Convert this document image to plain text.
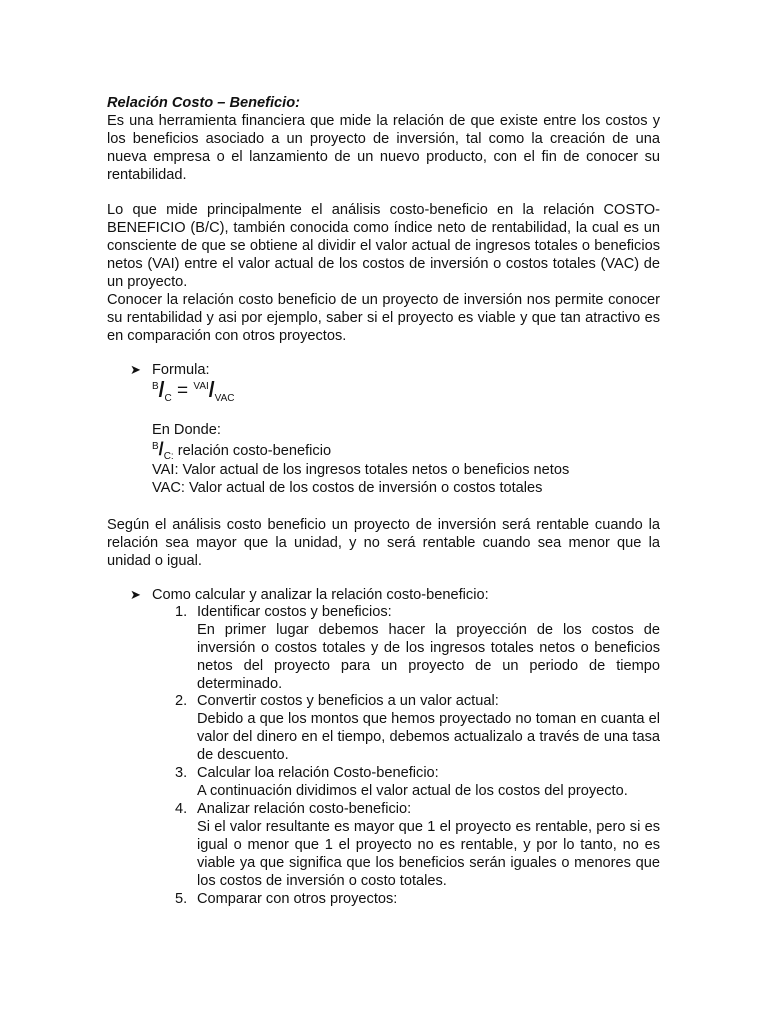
Relación Costo – Beneficio:

Es una herramienta financiera que mide la relación de que existe entre los costos y los beneficios asociado a un proyecto de inversión, tal como la creación de una nueva empresa o el lanzamiento de un nuevo producto, con el fin de conocer su rentabilidad.

Lo que mide principalmente el análisis costo-beneficio en la relación COSTO-BENEFICIO (B/C), también conocida como índice neto de rentabilidad, la cual es un consciente de que se obtiene al dividir el valor actual de ingresos totales o beneficios netos (VAI) entre el valor actual de los costos de inversión o costos totales (VAC) de un proyecto.

Conocer la relación costo beneficio de un proyecto de inversión nos permite conocer su rentabilidad y asi por ejemplo, saber si el proyecto es viable y que tan atractivo es en comparación con otros proyectos.

➤ Formula:
$^B/_C = ^{VAI}/_{VAC}$

En Donde:

$^B/_{C:}$ relación costo-beneficio

VAI: Valor actual de los ingresos totales netos o beneficios netos

VAC: Valor actual de los costos de inversión o costos totales

Según el análisis costo beneficio un proyecto de inversión será rentable cuando la relación sea mayor que la unidad, y no será rentable cuando sea menor que la unidad o igual.

➤ Como calcular y analizar la relación costo-beneficio:
1. Identificar costos y beneficios:

En primer lugar debemos hacer la proyección de los costos de inversión o costos totales y de los ingresos totales netos o beneficios netos del proyecto para un proyecto de un periodo de tiempo determinado.

2. Convertir costos y beneficios a un valor actual:

Debido a que los montos que hemos proyectado no toman en cuanta el valor del dinero en el tiempo, debemos actualizalo a través de una tasa de descuento.

3. Calcular loa relación Costo-beneficio:

A continuación dividimos el valor actual de los costos del proyecto.

4. Analizar relación costo-beneficio:

Si el valor resultante es mayor que 1 el proyecto es rentable, pero si es igual o menor que 1 el proyecto no es rentable, y por lo tanto, no es viable ya que significa que los beneficios serán iguales o menores que los costos de inversión o costo totales.

5. Comparar con otros proyectos:
